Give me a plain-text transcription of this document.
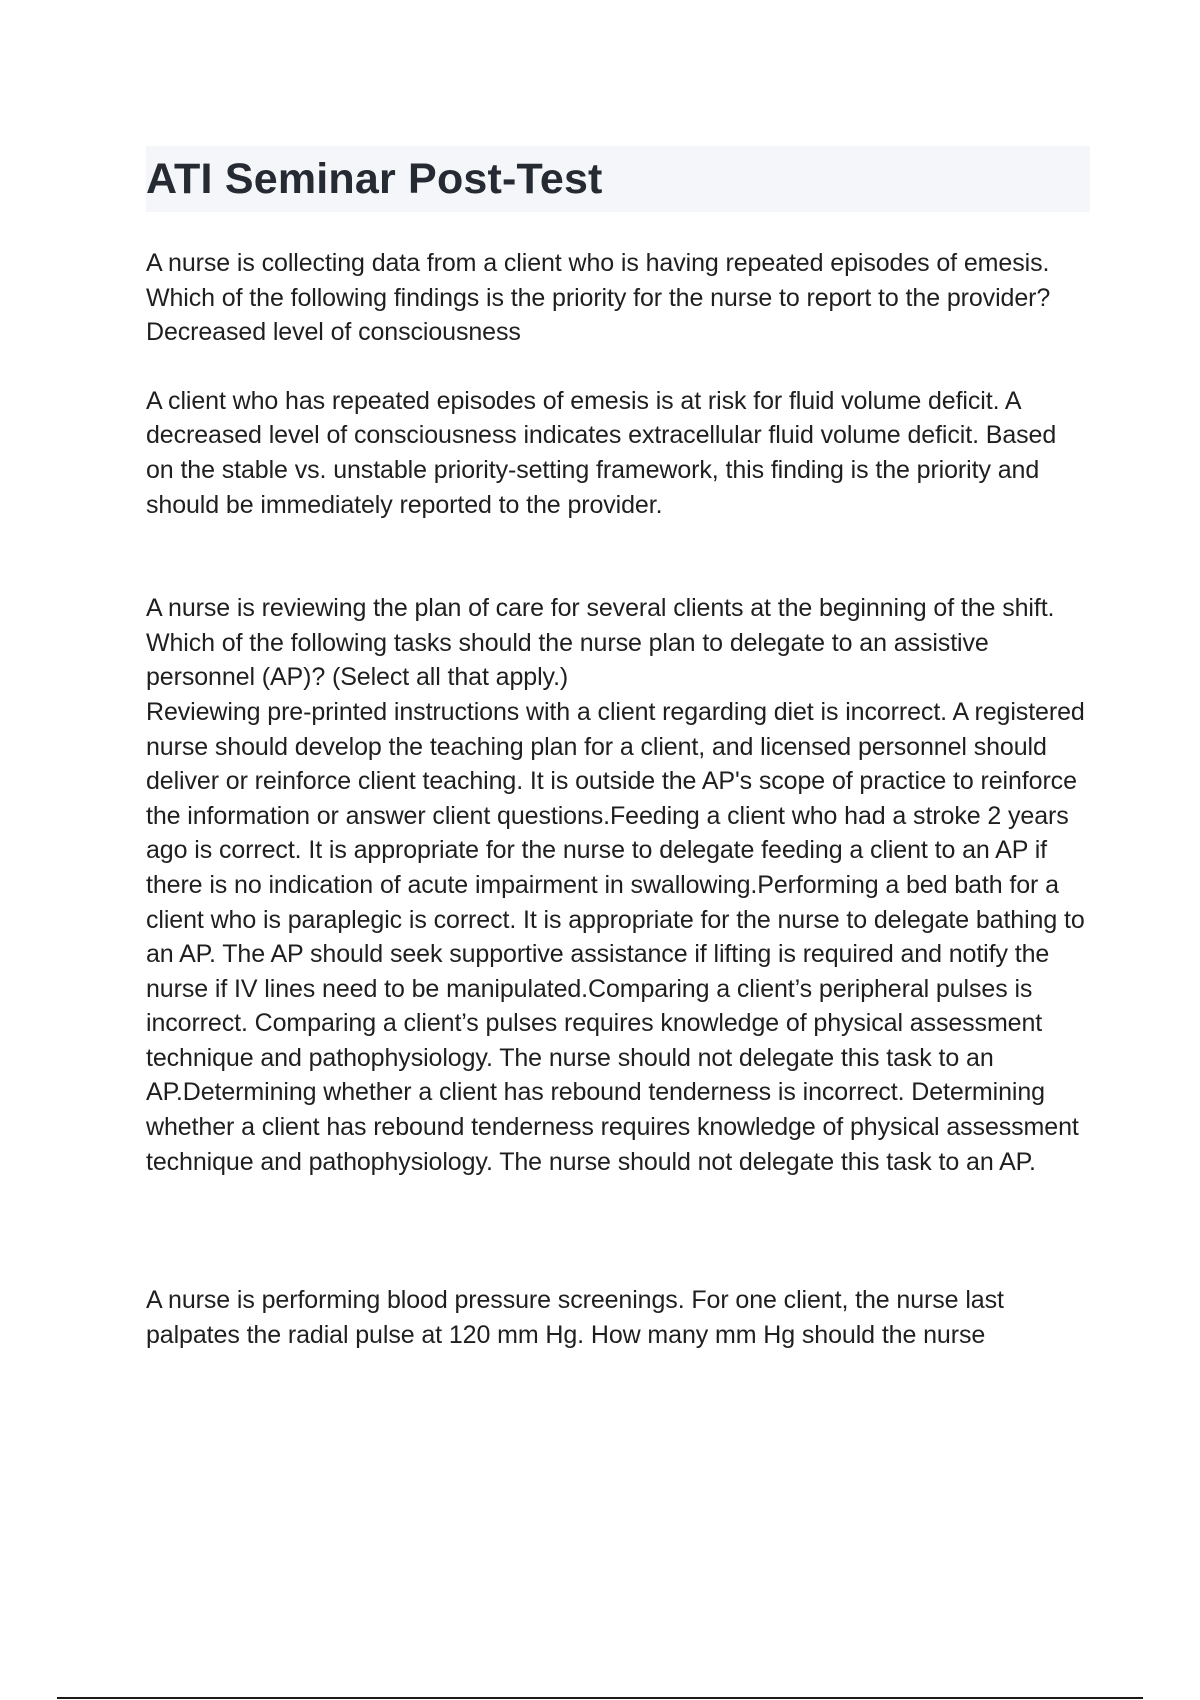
ATI Seminar Post-Test

A nurse is collecting data from a client who is having repeated episodes of emesis. Which of the following findings is the priority for the nurse to report to the provider?

Decreased level of consciousness

A client who has repeated episodes of emesis is at risk for fluid volume deficit. A decreased level of consciousness indicates extracellular fluid volume deficit. Based on the stable vs. unstable priority-setting framework, this finding is the priority and should be immediately reported to the provider.

A nurse is reviewing the plan of care for several clients at the beginning of the shift. Which of the following tasks should the nurse plan to delegate to an assistive personnel (AP)? (Select all that apply.)

Reviewing pre-printed instructions with a client regarding diet is incorrect. A registered nurse should develop the teaching plan for a client, and licensed personnel should deliver or reinforce client teaching. It is outside the AP's scope of practice to reinforce the information or answer client questions.Feeding a client who had a stroke 2 years ago is correct. It is appropriate for the nurse to delegate feeding a client to an AP if there is no indication of acute impairment in swallowing.Performing a bed bath for a client who is paraplegic is correct. It is appropriate for the nurse to delegate bathing to an AP. The AP should seek supportive assistance if lifting is required and notify the nurse if IV lines need to be manipulated.Comparing a client’s peripheral pulses is incorrect. Comparing a client’s pulses requires knowledge of physical assessment technique and pathophysiology. The nurse should not delegate this task to an AP.Determining whether a client has rebound tenderness is incorrect. Determining whether a client has rebound tenderness requires knowledge of physical assessment technique and pathophysiology. The nurse should not delegate this task to an AP.

A nurse is performing blood pressure screenings. For one client, the nurse last palpates the radial pulse at 120 mm Hg. How many mm Hg should the nurse
